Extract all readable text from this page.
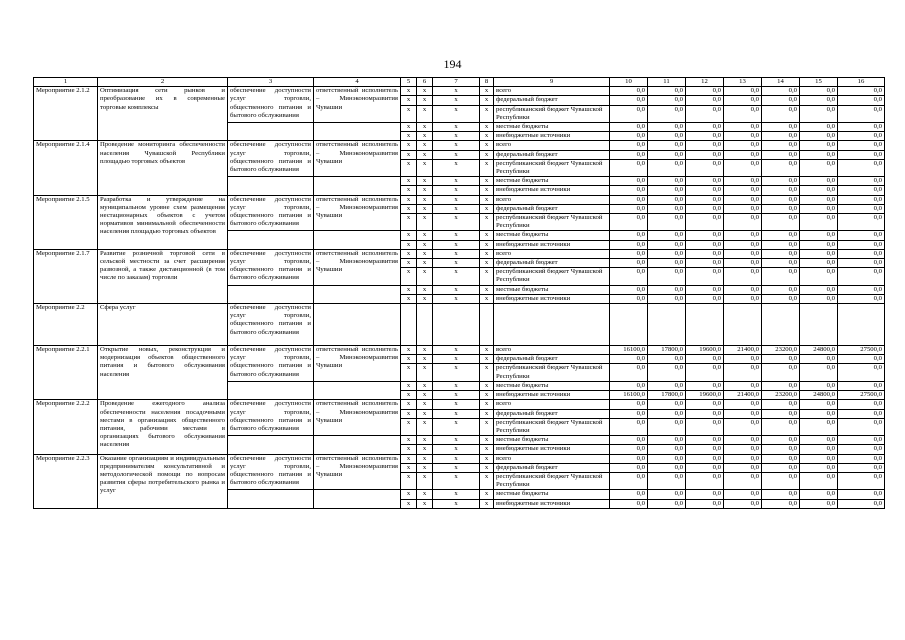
194
1	2	3	4	5	6	7	8	9	10	11	12	13	14	15	16
Мероприятие 2.1.2	Оптимизация сети рынков и преобразование их в современные торговые комплексы	обеспечение доступности услуг торговли, общественного питания и бытового обслуживания	ответственный исполнитель – Минэкономразвития Чувашии	x	x	x	x	всего	0,0	0,0	0,0	0,0	0,0	0,0	0,0
				x	x	x	x	федеральный бюджет	0,0	0,0	0,0	0,0	0,0	0,0	0,0
				x	x	x	x	республиканский бюджет Чувашской Республики	0,0	0,0	0,0	0,0	0,0	0,0	0,0
				x	x	x	x	местные бюджеты	0,0	0,0	0,0	0,0	0,0	0,0	0,0
				x	x	x	x	внебюджетные источники	0,0	0,0	0,0	0,0	0,0	0,0	0,0
Мероприятие 2.1.4	Проведение мониторинга обеспеченности населения Чувашской Республики площадью торговых объектов	обеспечение доступности услуг торговли, общественного питания и бытового обслуживания	ответственный исполнитель – Минэкономразвития Чувашии	x	x	x	x	всего	0,0	0,0	0,0	0,0	0,0	0,0	0,0
				x	x	x	x	федеральный бюджет	0,0	0,0	0,0	0,0	0,0	0,0	0,0
				x	x	x	x	республиканский бюджет Чувашской Республики	0,0	0,0	0,0	0,0	0,0	0,0	0,0
				x	x	x	x	местные бюджеты	0,0	0,0	0,0	0,0	0,0	0,0	0,0
				x	x	x	x	внебюджетные источники	0,0	0,0	0,0	0,0	0,0	0,0	0,0
Мероприятие 2.1.5	Разработка и утверждение на муниципальном уровне схем размещения нестационарных объектов с учетом нормативов минимальной обеспеченности населения площадью торговых объектов	обеспечение доступности услуг торговли, общественного питания и бытового обслуживания	ответственный исполнитель – Минэкономразвития Чувашии	x	x	x	x	всего	0,0	0,0	0,0	0,0	0,0	0,0	0,0
				x	x	x	x	федеральный бюджет	0,0	0,0	0,0	0,0	0,0	0,0	0,0
				x	x	x	x	республиканский бюджет Чувашской Республики	0,0	0,0	0,0	0,0	0,0	0,0	0,0
				x	x	x	x	местные бюджеты	0,0	0,0	0,0	0,0	0,0	0,0	0,0
				x	x	x	x	внебюджетные источники	0,0	0,0	0,0	0,0	0,0	0,0	0,0
Мероприятие 2.1.7	Развитие розничной торговой сети в сельской местности за счет расширения развозной, а также дистанционной (в том числе по заказам) торговли	обеспечение доступности услуг торговли, общественного питания и бытового обслуживания	ответственный исполнитель – Минэкономразвития Чувашии	x	x	x	x	всего	0,0	0,0	0,0	0,0	0,0	0,0	0,0
				x	x	x	x	федеральный бюджет	0,0	0,0	0,0	0,0	0,0	0,0	0,0
				x	x	x	x	республиканский бюджет Чувашской Республики	0,0	0,0	0,0	0,0	0,0	0,0	0,0
				x	x	x	x	местные бюджеты	0,0	0,0	0,0	0,0	0,0	0,0	0,0
				x	x	x	x	внебюджетные источники	0,0	0,0	0,0	0,0	0,0	0,0	0,0
Мероприятие 2.2	Сфера услуг	обеспечение доступности услуг торговли, общественного питания и бытового обслуживания													
Мероприятие 2.2.1	Открытие новых, реконструкция и модернизация объектов общественного питания и бытового обслуживания населения	обеспечение доступности услуг торговли, общественного питания и бытового обслуживания	ответственный исполнитель – Минэкономразвития Чувашии	x	x	x	x	всего	16100,0	17800,0	19600,0	21400,0	23200,0	24800,0	27500,0
				x	x	x	x	федеральный бюджет	0,0	0,0	0,0	0,0	0,0	0,0	0,0
				x	x	x	x	республиканский бюджет Чувашской Республики	0,0	0,0	0,0	0,0	0,0	0,0	0,0
				x	x	x	x	местные бюджеты	0,0	0,0	0,0	0,0	0,0	0,0	0,0
				x	x	x	x	внебюджетные источники	16100,0	17800,0	19600,0	21400,0	23200,0	24800,0	27500,0
Мероприятие 2.2.2	Проведение ежегодного анализа обеспеченности населения посадочными местами в организациях общественного питания, рабочими местами в организациях бытового обслуживания населения	обеспечение доступности услуг торговли, общественного питания и бытового обслуживания	ответственный исполнитель – Минэкономразвития Чувашии	x	x	x	x	всего	0,0	0,0	0,0	0,0	0,0	0,0	0,0
				x	x	x	x	федеральный бюджет	0,0	0,0	0,0	0,0	0,0	0,0	0,0
				x	x	x	x	республиканский бюджет Чувашской Республики	0,0	0,0	0,0	0,0	0,0	0,0	0,0
				x	x	x	x	местные бюджеты	0,0	0,0	0,0	0,0	0,0	0,0	0,0
				x	x	x	x	внебюджетные источники	0,0	0,0	0,0	0,0	0,0	0,0	0,0
Мероприятие 2.2.3	Оказание организациям и индивидуальным предпринимателям консультативной и методологической помощи по вопросам развития сферы потребительского рынка и услуг	обеспечение доступности услуг торговли, общественного питания и бытового обслуживания	ответственный исполнитель – Минэкономразвития Чувашии	x	x	x	x	всего	0,0	0,0	0,0	0,0	0,0	0,0	0,0
				x	x	x	x	федеральный бюджет	0,0	0,0	0,0	0,0	0,0	0,0	0,0
				x	x	x	x	республиканский бюджет Чувашской Республики	0,0	0,0	0,0	0,0	0,0	0,0	0,0
				x	x	x	x	местные бюджеты	0,0	0,0	0,0	0,0	0,0	0,0	0,0
				x	x	x	x	внебюджетные источники	0,0	0,0	0,0	0,0	0,0	0,0	0,0
